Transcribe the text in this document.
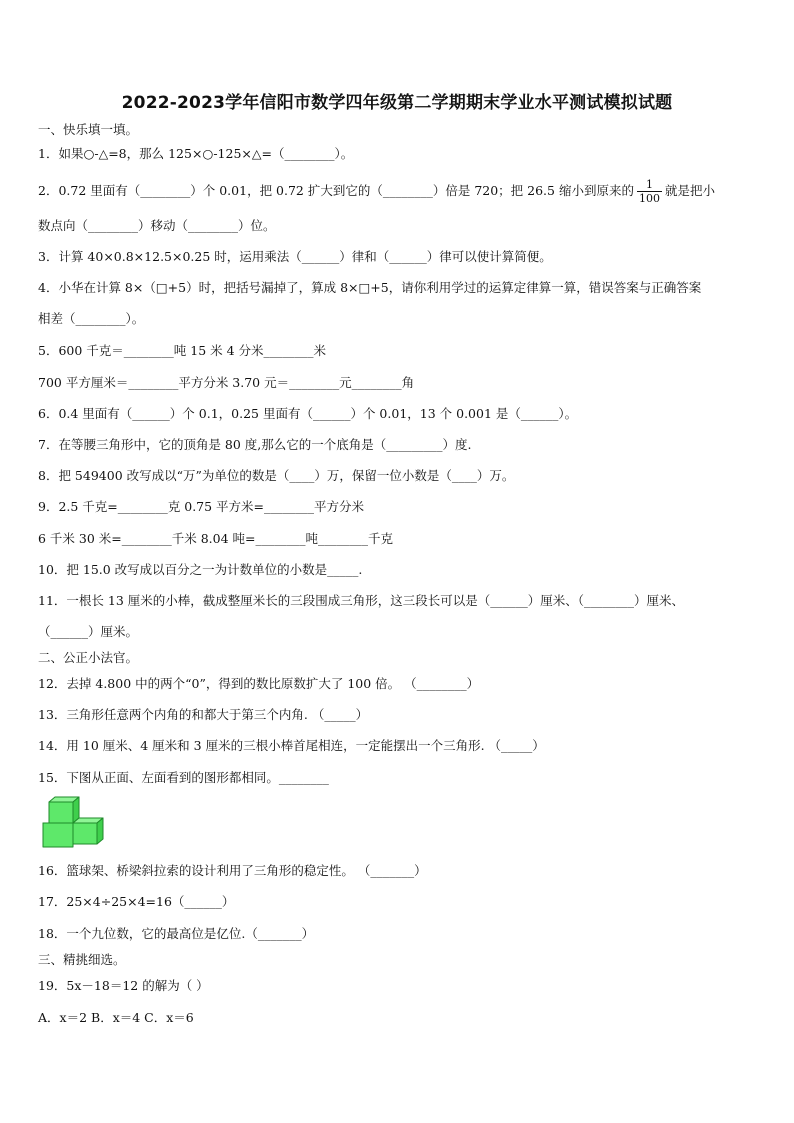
2022-2023学年信阳市数学四年级第二学期期末学业水平测试模拟试题
一、快乐填一填。
1．如果○-△=8，那么 125×○-125×△=（________）。
2．0.72 里面有（________）个 0.01，把 0.72 扩大到它的（________）倍是 720；把 26.5 缩小到原来的 $\frac{1}{100}$ 就是把小
数点向（________）移动（________）位。
3．计算 40×0.8×12.5×0.25 时，运用乘法（______）律和（______）律可以使计算简便。
4．小华在计算 8×（□+5）时，把括号漏掉了，算成 8×□+5，请你利用学过的运算定律算一算，错误答案与正确答案
相差（________）。
5．600 千克＝________吨 15 米 4 分米________米
700 平方厘米＝________平方分米 3.70 元＝________元________角
6．0.4 里面有（______）个 0.1，0.25 里面有（______）个 0.01，13 个 0.001 是（______）。
7．在等腰三角形中，它的顶角是 80 度,那么它的一个底角是（_________）度.
8．把 549400 改写成以“万”为单位的数是（____）万，保留一位小数是（____）万。
9．2.5 千克=________克 0.75 平方米=________平方分米
6 千米 30 米=________千米 8.04 吨=________吨________千克
10．把 15.0 改写成以百分之一为计数单位的小数是_____.
11．一根长 13 厘米的小棒，截成整厘米长的三段围成三角形，这三段长可以是（______）厘米、（________）厘米、
（______）厘米。
二、公正小法官。
12．去掉 4.800 中的两个“0”，得到的数比原数扩大了 100 倍。 （________）
13．三角形任意两个内角的和都大于第三个内角. （_____）
14．用 10 厘米、4 厘米和 3 厘米的三根小棒首尾相连，一定能摆出一个三角形. （_____）
15．下图从正面、左面看到的图形都相同。________
16．篮球架、桥梁斜拉索的设计利用了三角形的稳定性。 （_______）
17．25×4÷25×4=16（______）
18．一个九位数，它的最高位是亿位.（_______）
三、精挑细选。
19．5x－18＝12 的解为（ ）
A．x＝2 B．x＝4 C．x＝6
